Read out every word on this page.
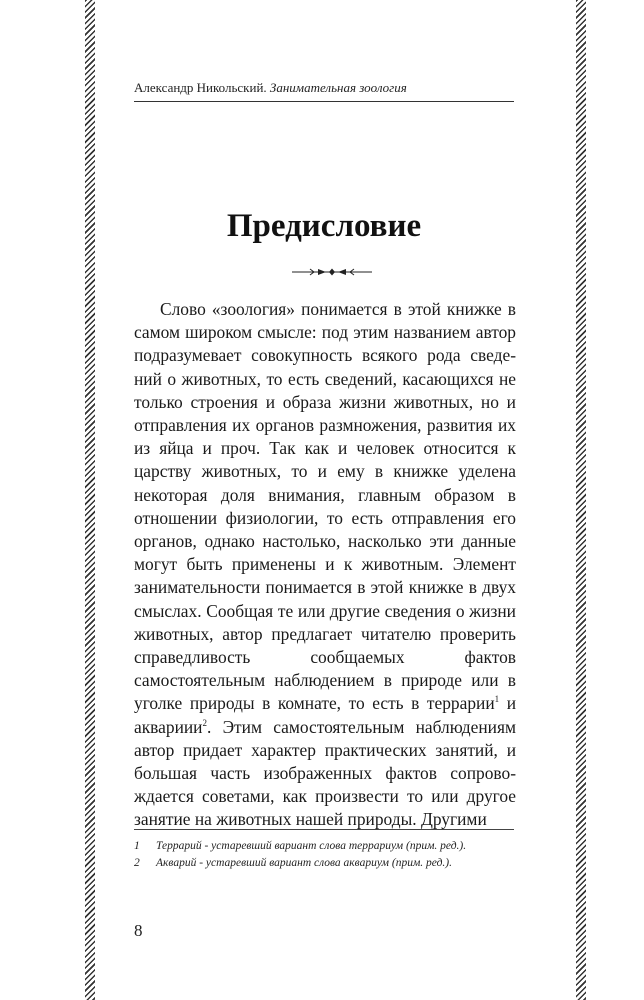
Александр Никольский. Занимательная зоология
Предисловие

Слово «зоология» понимается в этой книжке в самом широком смысле: под этим названием автор подразумевает совокупность всякого рода сведений о животных, то есть сведений, касающихся не только строения и образа жизни животных, но и отправления их органов размножения, развития их из яйца и проч. Так как и человек относится к царству животных, то и ему в книжке уделена некоторая доля внимания, главным образом в отношении физиологии, то есть отправления его органов, однако настолько, насколько эти данные могут быть применены и к животным. Элемент занимательности понимается в этой книжке в двух смыслах. Сообщая те или другие сведения о жизни животных, автор предлагает читателю проверить справедливость сообщаемых фактов самостоятельным наблюдением в природе или в уголке природы в комнате, то есть в террарии$^1$ и аквариии$^2$. Этим самостоятельным наблюдениям автор придает характер практических занятий, и большая часть изображенных фактов сопровождается советами, как произвести то или другое занятие на животных нашей природы. Другими

1	Террарий - устаревший вариант слова террариум (прим. ред.).
2	Акварий - устаревший вариант слова аквариум (прим. ред.).
8
